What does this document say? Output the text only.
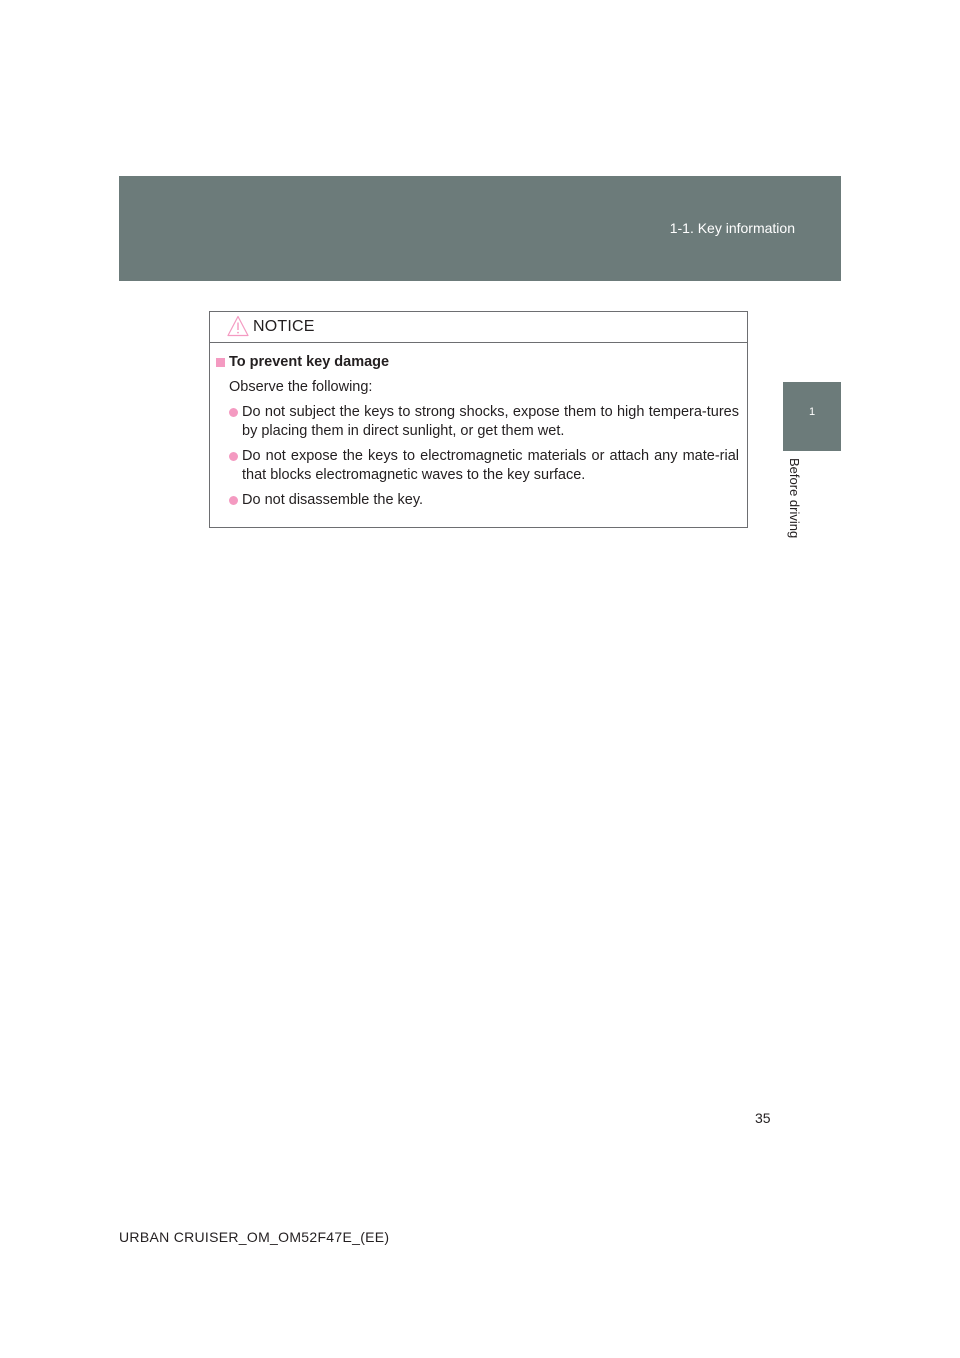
1-1. Key information
1
Before driving
NOTICE
To prevent key damage
Observe the following:
Do not subject the keys to strong shocks, expose them to high tempera-tures by placing them in direct sunlight, or get them wet.
Do not expose the keys to electromagnetic materials or attach any mate-rial that blocks electromagnetic waves to the key surface.
Do not disassemble the key.
35
URBAN CRUISER_OM_OM52F47E_(EE)
